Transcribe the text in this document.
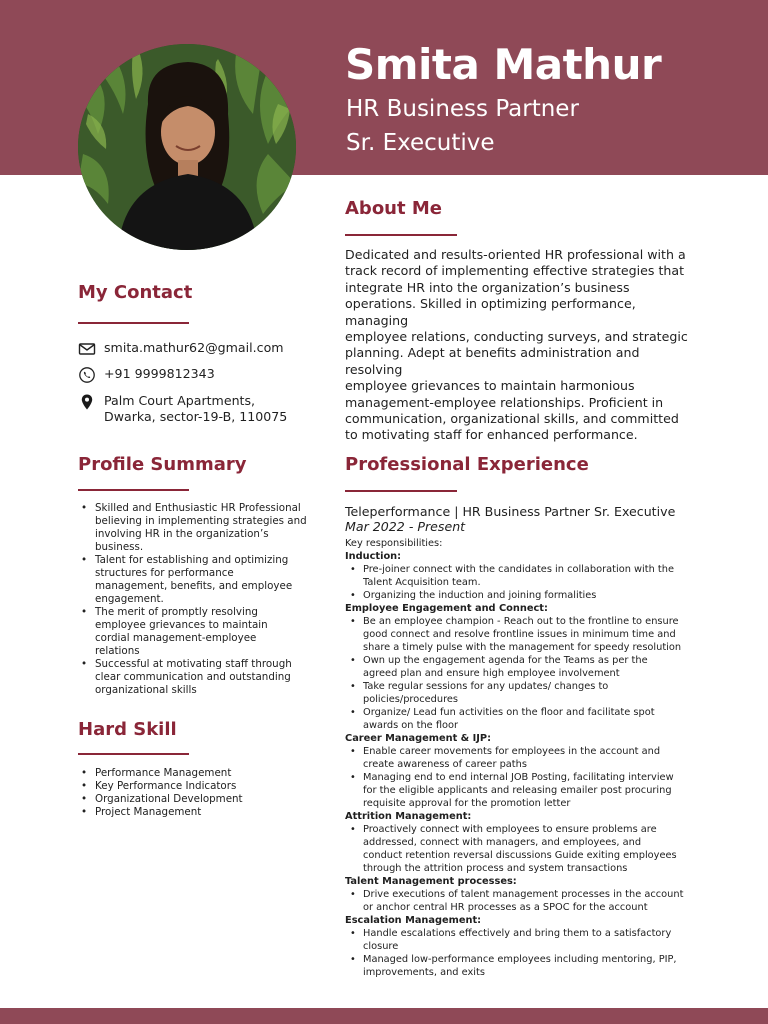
Smita Mathur
HR Business Partner
Sr. Executive
About Me
Dedicated and results-oriented HR professional with a
track record of implementing effective strategies that
integrate HR into the organization’s business
operations. Skilled in optimizing performance,
managing
employee relations, conducting surveys, and strategic
planning. Adept at benefits administration and
resolving
employee grievances to maintain harmonious
management-employee relationships. Proficient in
communication, organizational skills, and committed
to motivating staff for enhanced performance.
My Contact
smita.mathur62@gmail.com
+91 9999812343
Palm Court Apartments,
Dwarka, sector-19-B, 110075
Profile Summary
• Skilled and Enthusiastic HR Professional
believing in implementing strategies and
involving HR in the organization’s
business.
• Talent for establishing and optimizing
structures for performance
management, benefits, and employee
engagement.
• The merit of promptly resolving
employee grievances to maintain
cordial management-employee
relations
• Successful at motivating staff through
clear communication and outstanding
organizational skills
Hard Skill
• Performance Management
• Key Performance Indicators
• Organizational Development
• Project Management
Professional Experience
Teleperformance | HR Business Partner Sr. Executive
Mar 2022 - Present
Key responsibilities:
Induction:
• Pre-joiner connect with the candidates in collaboration with the
Talent Acquisition team.
• Organizing the induction and joining formalities
Employee Engagement and Connect:
• Be an employee champion - Reach out to the frontline to ensure
good connect and resolve frontline issues in minimum time and
share a timely pulse with the management for speedy resolution
• Own up the engagement agenda for the Teams as per the
agreed plan and ensure high employee involvement
• Take regular sessions for any updates/ changes to
policies/procedures
• Organize/ Lead fun activities on the floor and facilitate spot
awards on the floor
Career Management & IJP:
• Enable career movements for employees in the account and
create awareness of career paths
• Managing end to end internal JOB Posting, facilitating interview
for the eligible applicants and releasing emailer post procuring
requisite approval for the promotion letter
Attrition Management:
• Proactively connect with employees to ensure problems are
addressed, connect with managers, and employees, and
conduct retention reversal discussions Guide exiting employees
through the attrition process and system transactions
Talent Management processes:
• Drive executions of talent management processes in the account
or anchor central HR processes as a SPOC for the account
Escalation Management:
• Handle escalations effectively and bring them to a satisfactory
closure
• Managed low-performance employees including mentoring, PIP,
improvements, and exits
